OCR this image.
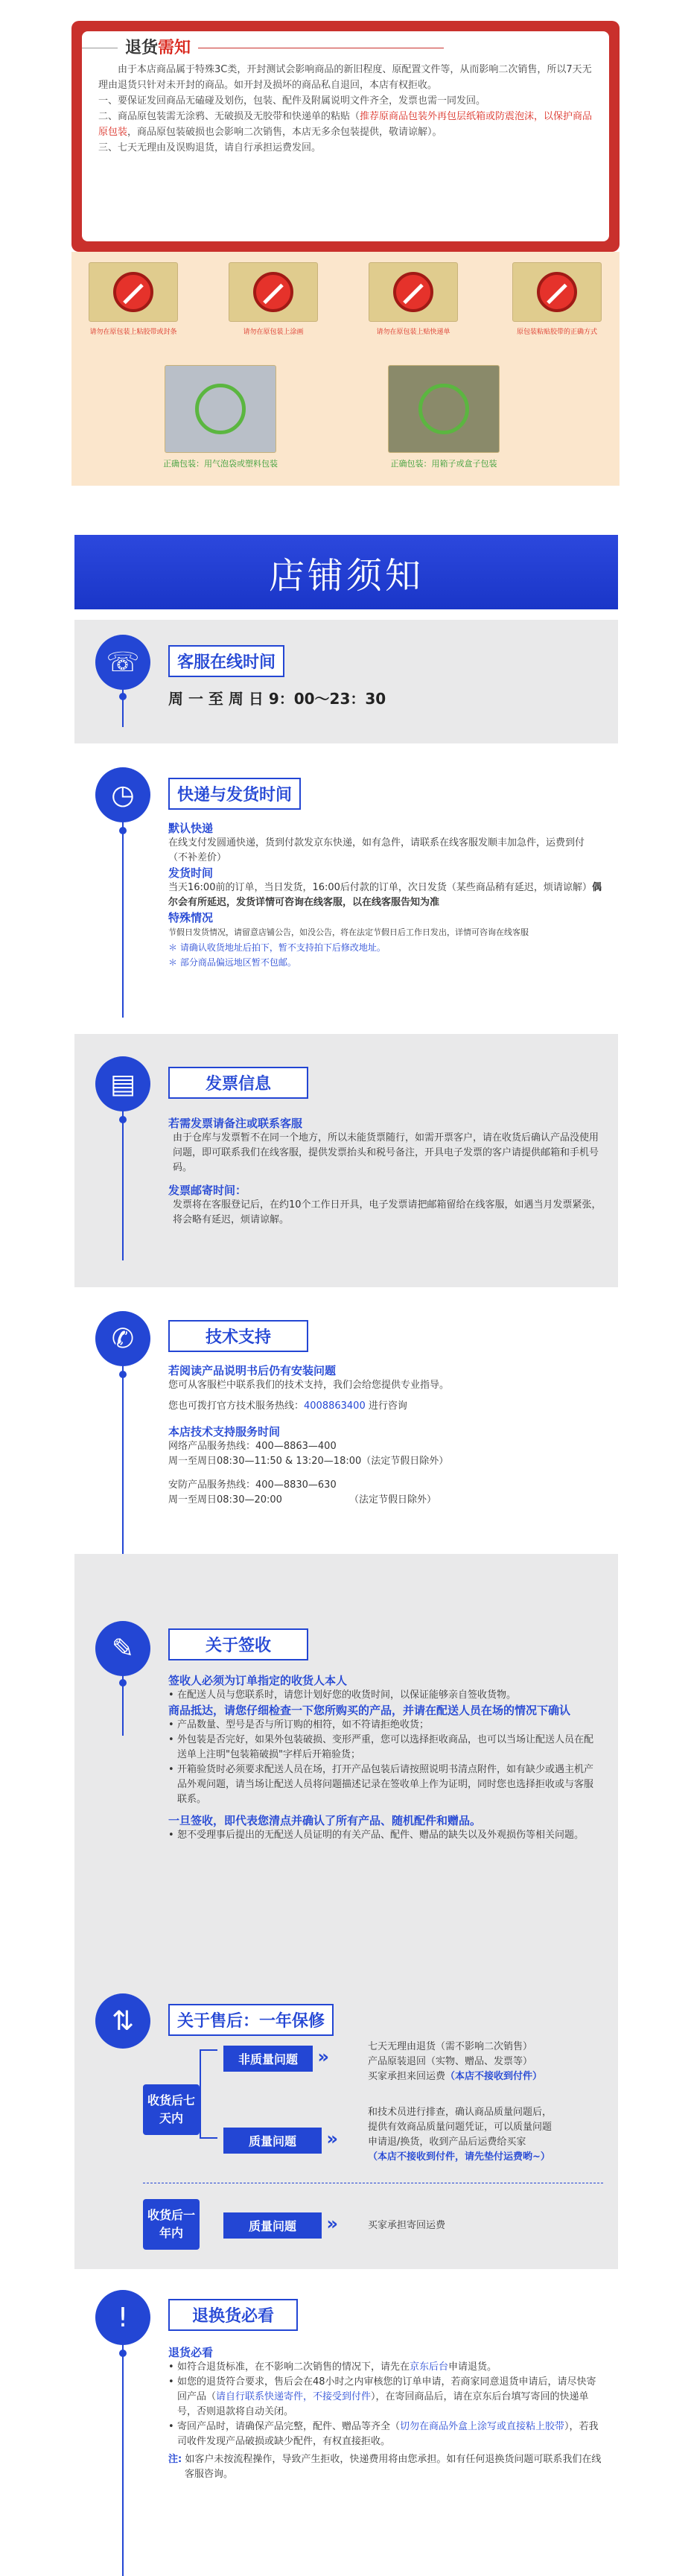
退货需知

由于本店商品属于特殊3C类，开封测试会影响商品的新旧程度、原配置文件等，从而影响二次销售，所以7天无理由退货只针对未开封的商品。如开封及损坏的商品私自退回，本店有权拒收。

一、要保证发回商品无磕碰及划伤，包装、配件及附属说明文件齐全，发票也需一同发回。

二、商品原包装需无涂鸦、无破损及无胶带和快递单的粘贴（推荐原商品包装外再包层纸箱或防震泡沫，以保护商品原包装，商品原包装破损也会影响二次销售，本店无多余包装提供，敬请谅解）。

三、七天无理由及误购退货，请自行承担运费发回。

请勿在原包装上粘胶带或封条	请勿在原包装上涂画	请勿在原包装上贴快递单	原包装粘贴胶带的正确方式
正确包装：用气泡袋或塑料包装	正确包装：用箱子或盒子包装
店铺须知
☏	客服在线时间
周 一 至 周 日 9：00～23：30
◷	快递与发货时间
默认快递
在线支付发圆通快递，货到付款发京东快递，如有急件，请联系在线客服发顺丰加急件，运费到付（不补差价）
发货时间
当天16:00前的订单，当日发货，16:00后付款的订单，次日发货（某些商品稍有延迟，烦请谅解）偶尔会有所延迟，发货详情可咨询在线客服，以在线客服告知为准
特殊情况
节假日发货情况，请留意店铺公告，如没公告，将在法定节假日后工作日发出，详情可咨询在线客服
＊ 请确认收货地址后拍下，暂不支持拍下后修改地址。
＊ 部分商品偏远地区暂不包邮。
▤	发票信息
若需发票请备注或联系客服
由于仓库与发票暂不在同一个地方，所以未能货票随行，如需开票客户，请在收货后确认产品没使用问题，即可联系我们在线客服，提供发票抬头和税号备注，开具电子发票的客户请提供邮箱和手机号码。
发票邮寄时间：
发票将在客服登记后，在约10个工作日开具，电子发票请把邮箱留给在线客服，如遇当月发票紧张，将会略有延迟，烦请谅解。
✆	技术支持
若阅读产品说明书后仍有安装问题
您可从客服栏中联系我们的技术支持，我们会给您提供专业指导。
您也可拨打官方技术服务热线：4008863400 进行咨询
本店技术支持服务时间
网络产品服务热线：400—8863—400
周一至周日08:30—11:50 & 13:20—18:00（法定节假日除外）
安防产品服务热线：400—8830—630
周一至周日08:30—20:00	（法定节假日除外）
✎	关于签收
签收人必须为订单指定的收货人本人
• 在配送人员与您联系时，请您计划好您的收货时间，以保证能够亲自签收货物。
商品抵达，请您仔细检查一下您所购买的产品，并请在配送人员在场的情况下确认
• 产品数量、型号是否与所订购的相符，如不符请拒绝收货；
• 外包装是否完好，如果外包装破损、变形严重，您可以选择拒收商品，也可以当场让配送人员在配送单上注明"包装箱破损"字样后开箱验货；
• 开箱验货时必须要求配送人员在场，打开产品包装后请按照说明书清点附件，如有缺少或遇主机产品外观问题，请当场让配送人员将问题描述记录在签收单上作为证明，同时您也选择拒收或与客服联系。
一旦签收，即代表您清点并确认了所有产品、随机配件和赠品。
• 恕不受理事后提出的无配送人员证明的有关产品、配件、赠品的缺失以及外观损伤等相关问题。
⇅	关于售后：一年保修
收货后七天内
非质量问题 »
七天无理由退货（需不影响二次销售）
产品原装退回（实物、赠品、发票等）
买家承担来回运费（本店不接收到付件）
质量问题 »
和技术员进行排查，确认商品质量问题后，
提供有效商品质量问题凭证，可以质量问题
申请退/换货，收到产品后运费给买家
（本店不接收到付件，请先垫付运费哟~）
收货后一年内	质量问题 »	买家承担寄回运费
!	退换货必看
退货必看
• 如符合退货标准，在不影响二次销售的情况下，请先在京东后台申请退货。
• 如您的退货符合要求，售后会在48小时之内审核您的订单申请，若商家同意退货申请后，请尽快寄回产品（请自行联系快递寄件，不接受到付件），在寄回商品后，请在京东后台填写寄回的快递单号，否则退款将自动关闭。
• 寄回产品时，请确保产品完整，配件、赠品等齐全（切勿在商品外盒上涂写或直接粘上胶带），若我司收件发现产品破损或缺少配件，有权直接拒收。
注: 如客户未按流程操作，导致产生拒收，快递费用将由您承担。如有任何退换货问题可联系我们在线客服咨询。
